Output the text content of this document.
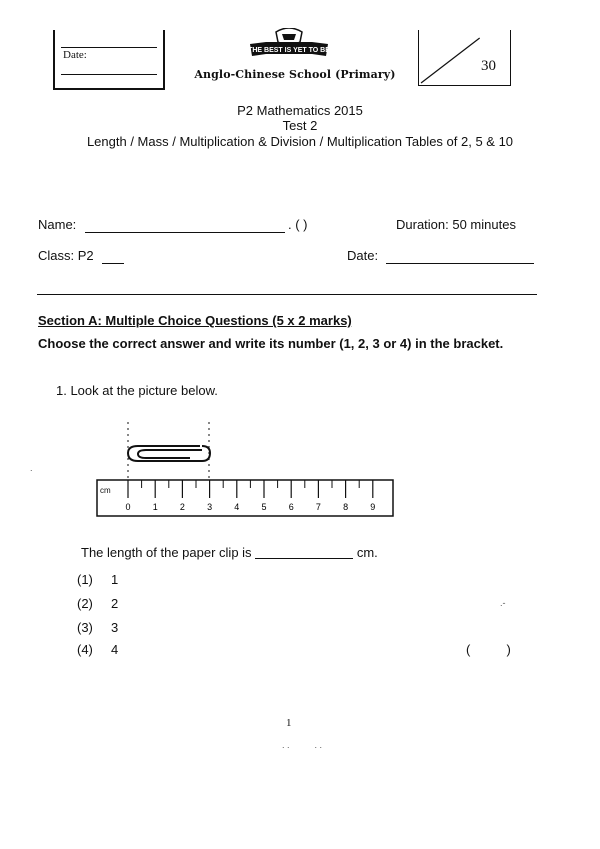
Date:	THE BEST IS YET TO BE
Anglo-Chinese School (Primary)
30
P2 Mathematics 2015
Test 2
Length / Mass / Multiplication & Division / Multiplication Tables of 2, 5 & 10
Name:	. ( )	Duration: 50 minutes
Class: P2	Date:
Section A: Multiple Choice Questions (5 x 2 marks)
Choose the correct answer and write its number (1, 2, 3 or 4) in the bracket.
1. Look at the picture below.
cm
0 1 2 3 4 5 6 7 8 9
The length of the paper clip is	cm.
(1) 1
(2) 2
(3) 3
(4) 4	(          )
.
.-
1
. .          . .
